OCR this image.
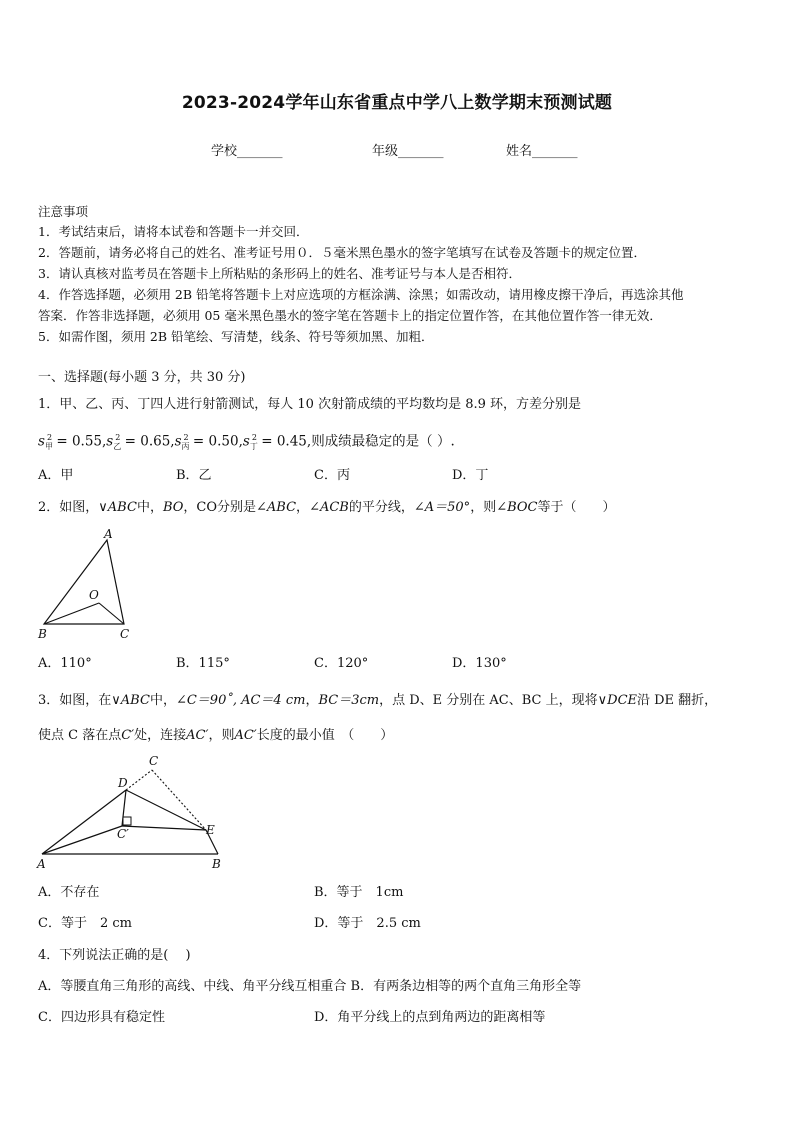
2023-2024学年山东省重点中学八上数学期末预测试题
学校_______	年级_______	姓名_______
注意事项
1．考试结束后，请将本试卷和答题卡一并交回．
2．答题前，请务必将自己的姓名、准考证号用０．５毫米黑色墨水的签字笔填写在试卷及答题卡的规定位置．
3．请认真核对监考员在答题卡上所粘贴的条形码上的姓名、准考证号与本人是否相符．
4．作答选择题，必须用 2B 铅笔将答题卡上对应选项的方框涂满、涂黑；如需改动，请用橡皮擦干净后，再选涂其他
答案．作答非选择题，必须用 05 毫米黑色墨水的签字笔在答题卡上的指定位置作答，在其他位置作答一律无效．
5．如需作图，须用 2B 铅笔绘、写清楚，线条、符号等须加黑、加粗．
一、选择题(每小题 3 分，共 30 分)
1．甲、乙、丙、丁四人进行射箭测试，每人 10 次射箭成绩的平均数均是 8.9 环，方差分别是
$s_甲^2 = 0.55,s_乙^2 = 0.65,s_丙^2 = 0.50,s_丁^2 = 0.45$,则成绩最稳定的是（ ）.
A．甲	B．乙	C．丙	D．丁
2．如图，∨ABC中，BO，CO分别是∠ABC，∠ACB的平分线，∠A＝50°，则∠BOC等于（　　）
A
O
B	C
A．110°	B．115°	C．120°	D．130°
3．如图，在∨ABC中，∠C＝90˚, AC＝4 cm，BC＝3cm，点 D、E 分别在 AC、BC 上，现将∨DCE沿 DE 翻折，
使点 C 落在点C′处，连接AC′，则AC′长度的最小值　（　　）
C
D
E
C′
A	B
A．不存在	B．等于　1cm
C．等于　2 cm	D．等于　2.5 cm
4．下列说法正确的是(　 )
A．等腰直角三角形的高线、中线、角平分线互相重合 B．有两条边相等的两个直角三角形全等
C．四边形具有稳定性	D．角平分线上的点到角两边的距离相等
